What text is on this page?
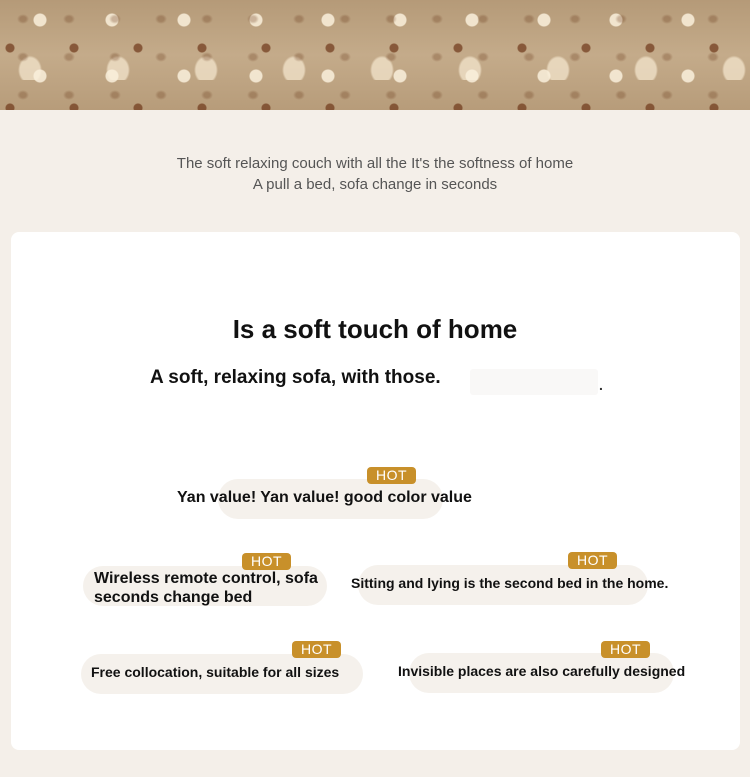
The soft relaxing couch with all the It's the softness of home
A pull a bed, sofa change in seconds
Is a soft touch of home
A soft, relaxing sofa, with those.	.
HOT
Yan value! Yan value! good color value
HOT
Wireless remote control, sofa
seconds change bed
HOT
Sitting and lying is the second bed in the home.
HOT
Free collocation, suitable for all sizes
HOT
Invisible places are also carefully designed
